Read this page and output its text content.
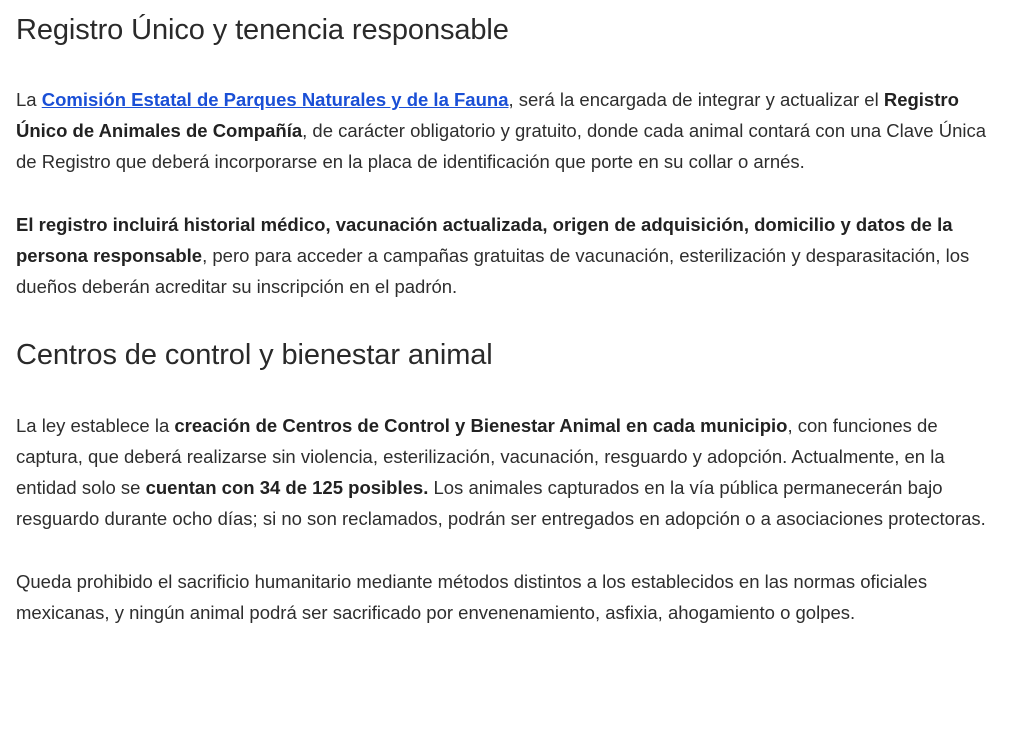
Registro Único y tenencia responsable

La Comisión Estatal de Parques Naturales y de la Fauna, será la encargada de integrar y actualizar el Registro Único de Animales de Compañía, de carácter obligatorio y gratuito, donde cada animal contará con una Clave Única de Registro que deberá incorporarse en la placa de identificación que porte en su collar o arnés.

El registro incluirá historial médico, vacunación actualizada, origen de adquisición, domicilio y datos de la persona responsable, pero para acceder a campañas gratuitas de vacunación, esterilización y desparasitación, los dueños deberán acreditar su inscripción en el padrón.

Centros de control y bienestar animal

La ley establece la creación de Centros de Control y Bienestar Animal en cada municipio, con funciones de captura, que deberá realizarse sin violencia, esterilización, vacunación, resguardo y adopción. Actualmente, en la entidad solo se cuentan con 34 de 125 posibles. Los animales capturados en la vía pública permanecerán bajo resguardo durante ocho días; si no son reclamados, podrán ser entregados en adopción o a asociaciones protectoras.

Queda prohibido el sacrificio humanitario mediante métodos distintos a los establecidos en las normas oficiales mexicanas, y ningún animal podrá ser sacrificado por envenenamiento, asfixia, ahogamiento o golpes.
